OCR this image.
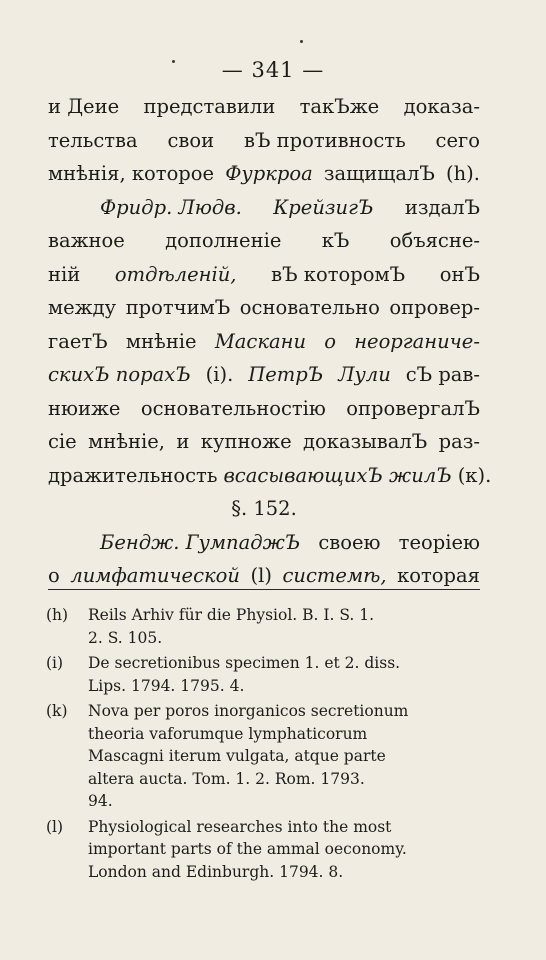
— 341 —
и Деие представили такЪже доказа-
тельства свои вЪ противность сего
мнѣнія, которое Фуркроа защищалЪ (h).
Фридр. Людв. КрейзигЪ издалЪ
важное дополненіе кЪ объясне-
ній отдѣленій, вЪ которомЪ онЪ
между протчимЪ основательно опровер-
гаетЪ мнѣніе Маскани о неорганиче-
скихЪ порахЪ (i). ПетрЪ Лули сЪ рав-
нюиже основательностію опровергалЪ
сіе мнѣніе, и купноже доказывалЪ раз-
дражительность всасывающихЪ жилЪ (к).
§. 152.
Бендж. ГумпаджЪ своею теоріею
о лимфатической (l) системѣ, которая
(h)	Reils Arhiv für die Physiol. B. I. S. 1.
2. S. 105.
(i)	De secretionibus specimen 1. et 2. diss.
Lips. 1794. 1795. 4.
(k)	Nova per poros inorganicos secretionum
theoria vaforumque lymphaticorum
Mascagni iterum vulgata, atque parte
altera aucta. Tom. 1. 2. Rom. 1793.
94.
(l)	Physiological researches into the most
important parts of the ammal oeconomy.
London and Edinburgh. 1794. 8.
